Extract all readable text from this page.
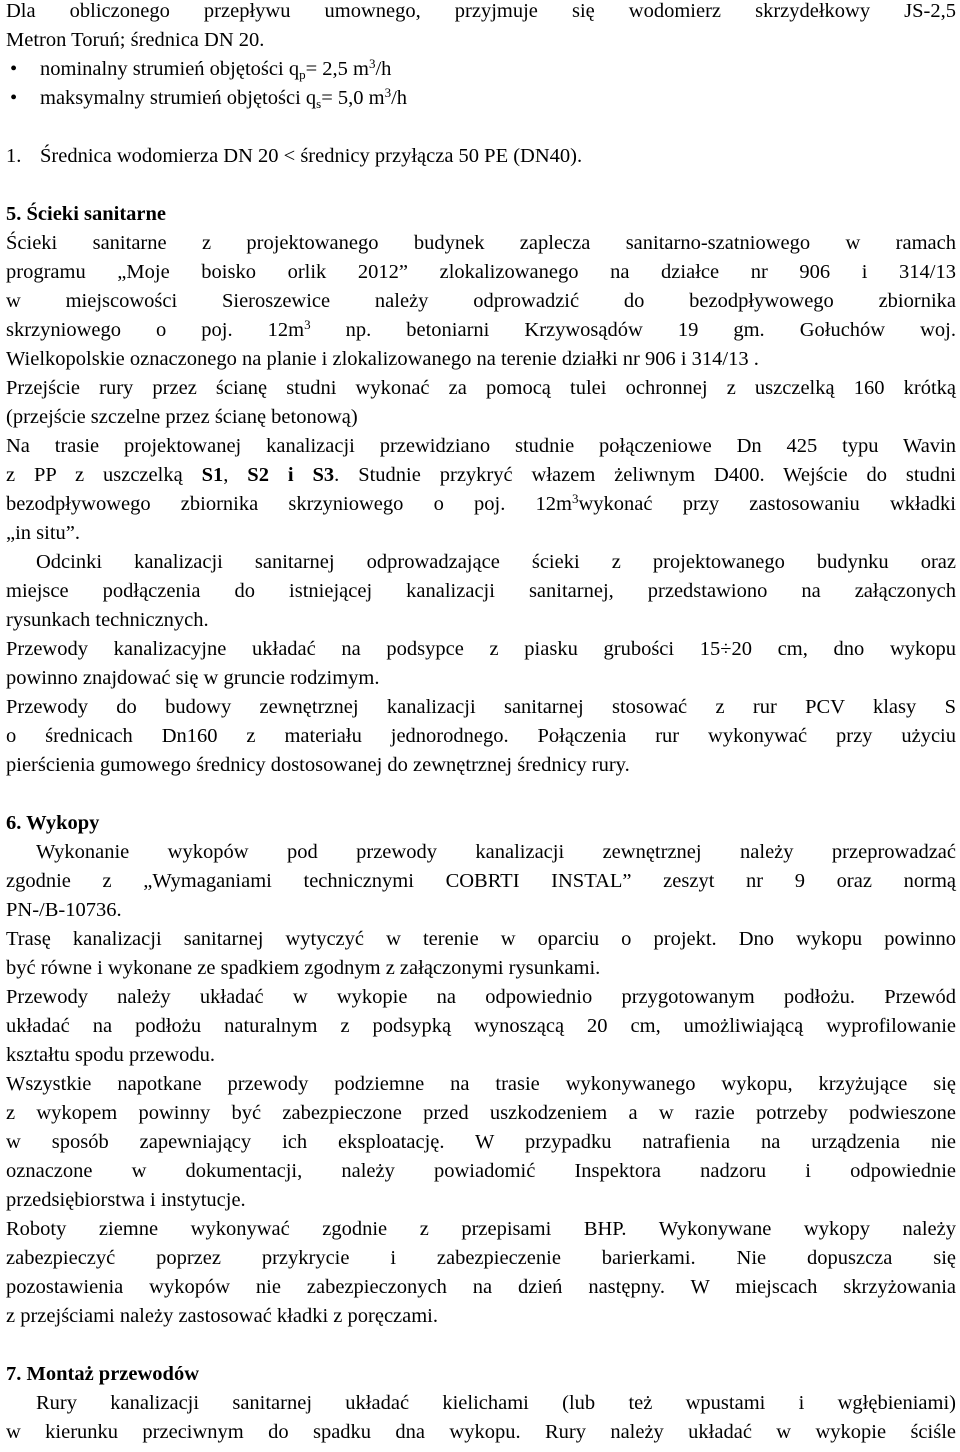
Dla obliczonego przepływu umownego, przyjmuje się wodomierz skrzydełkowy JS-2,5
Metron Toruń; średnica DN 20.
•	nominalny strumień objętości $q_p= 2,5$ $m^3/h$
•	maksymalny strumień objętości $q_s= 5,0$ $m^3/h$
1. Średnica wodomierza DN 20 < średnicy przyłącza 50 PE (DN40).
5. Ścieki sanitarne
Ścieki sanitarne z projektowanego budynek zaplecza sanitarno-szatniowego w ramach
programu „Moje boisko orlik 2012” zlokalizowanego na działce nr 906 i 314/13
w miejscowości Sieroszewice należy odprowadzić do bezodpływowego zbiornika
skrzyniowego o poj. $12m^3$ np. betoniarni Krzywosądów 19 gm. Gołuchów woj.
Wielkopolskie oznaczonego na planie i zlokalizowanego na terenie działki nr 906 i 314/13 .
Przejście rury przez ścianę studni wykonać za pomocą tulei ochronnej z uszczelką 160 krótką
(przejście szczelne przez ścianę betonową)
Na trasie projektowanej kanalizacji przewidziano studnie połączeniowe Dn 425 typu Wavin
z PP z uszczelką S1, S2 i S3. Studnie przykryć włazem żeliwnym D400. Wejście do studni
bezodpływowego zbiornika skrzyniowego o poj. $12m^3wykonać$ przy zastosowaniu wkładki
„in situ”.
Odcinki kanalizacji sanitarnej odprowadzające ścieki z projektowanego budynku oraz
miejsce podłączenia do istniejącej kanalizacji sanitarnej, przedstawiono na załączonych
rysunkach technicznych.
Przewody kanalizacyjne układać na podsypce z piasku grubości 15÷20 cm, dno wykopu
powinno znajdować się w gruncie rodzimym.
Przewody do budowy zewnętrznej kanalizacji sanitarnej stosować z rur PCV klasy S
o średnicach Dn160 z materiału jednorodnego. Połączenia rur wykonywać przy użyciu
pierścienia gumowego średnicy dostosowanej do zewnętrznej średnicy rury.
6. Wykopy
Wykonanie wykopów pod przewody kanalizacji zewnętrznej należy przeprowadzać
zgodnie z „Wymaganiami technicznymi COBRTI INSTAL” zeszyt nr 9 oraz normą
PN-/B-10736.
Trasę kanalizacji sanitarnej wytyczyć w terenie w oparciu o projekt. Dno wykopu powinno
być równe i wykonane ze spadkiem zgodnym z załączonymi rysunkami.
Przewody należy układać w wykopie na odpowiednio przygotowanym podłożu. Przewód
układać na podłożu naturalnym z podsypką wynoszącą 20 cm, umożliwiającą wyprofilowanie
kształtu spodu przewodu.
Wszystkie napotkane przewody podziemne na trasie wykonywanego wykopu, krzyżujące się
z wykopem powinny być zabezpieczone przed uszkodzeniem a w razie potrzeby podwieszone
w sposób zapewniający ich eksploatację. W przypadku natrafienia na urządzenia nie
oznaczone w dokumentacji, należy powiadomić Inspektora nadzoru i odpowiednie
przedsiębiorstwa i instytucje.
Roboty ziemne wykonywać zgodnie z przepisami BHP. Wykonywane wykopy należy
zabezpieczyć poprzez przykrycie i zabezpieczenie barierkami. Nie dopuszcza się
pozostawienia wykopów nie zabezpieczonych na dzień następny. W miejscach skrzyżowania
z przejściami należy zastosować kładki z poręczami.
7. Montaż przewodów
Rury kanalizacji sanitarnej układać kielichami (lub też wpustami i wgłębieniami)
w kierunku przeciwnym do spadku dna wykopu. Rury należy układać w wykopie ściśle
